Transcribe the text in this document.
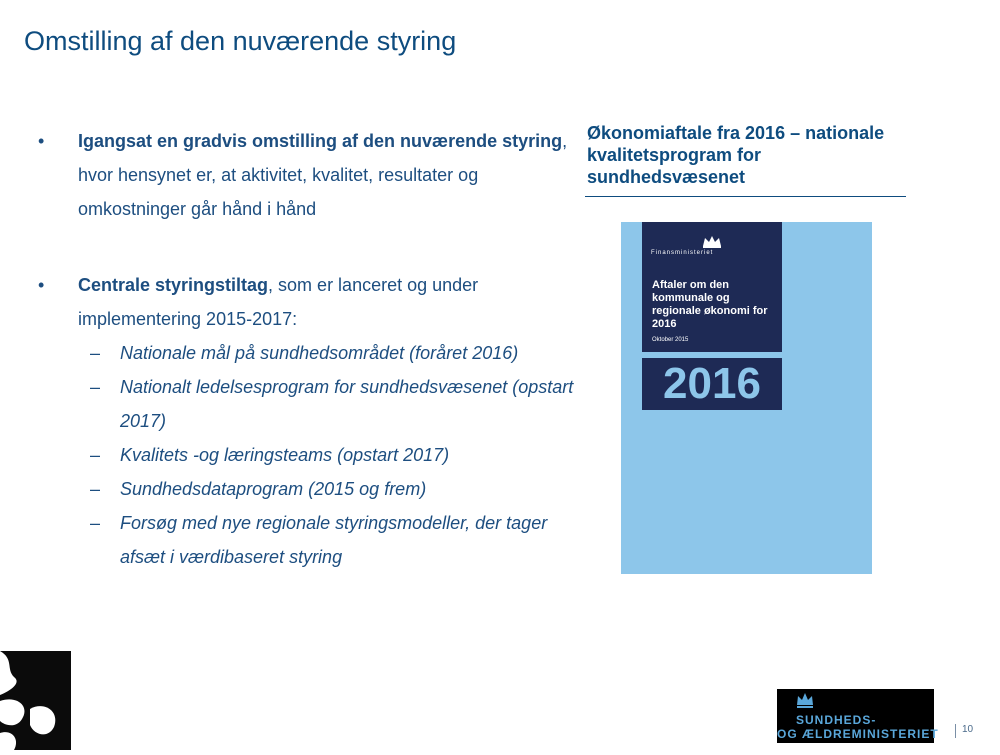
Omstilling af den nuværende styring
• Igangsat en gradvis omstilling af den nuværende styring, hvor hensynet er, at aktivitet, kvalitet, resultater og omkostninger går hånd i hånd
• Centrale styringstiltag, som er lanceret og under implementering 2015-2017:
– Nationale mål på sundhedsområdet (foråret 2016)
– Nationalt ledelsesprogram for sundhedsvæsenet (opstart 2017)
– Kvalitets -og læringsteams (opstart 2017)
– Sundhedsdataprogram (2015 og frem)
– Forsøg med nye regionale styringsmodeller, der tager afsæt i værdibaseret styring
Økonomiaftale fra 2016 – nationale kvalitetsprogram for sundhedsvæsenet
Finansministeriet
Aftaler om den kommunale og regionale økonomi for 2016
Oktober 2015
2016
SUNDHEDS-
OG ÆLDREMINISTERIET 10
